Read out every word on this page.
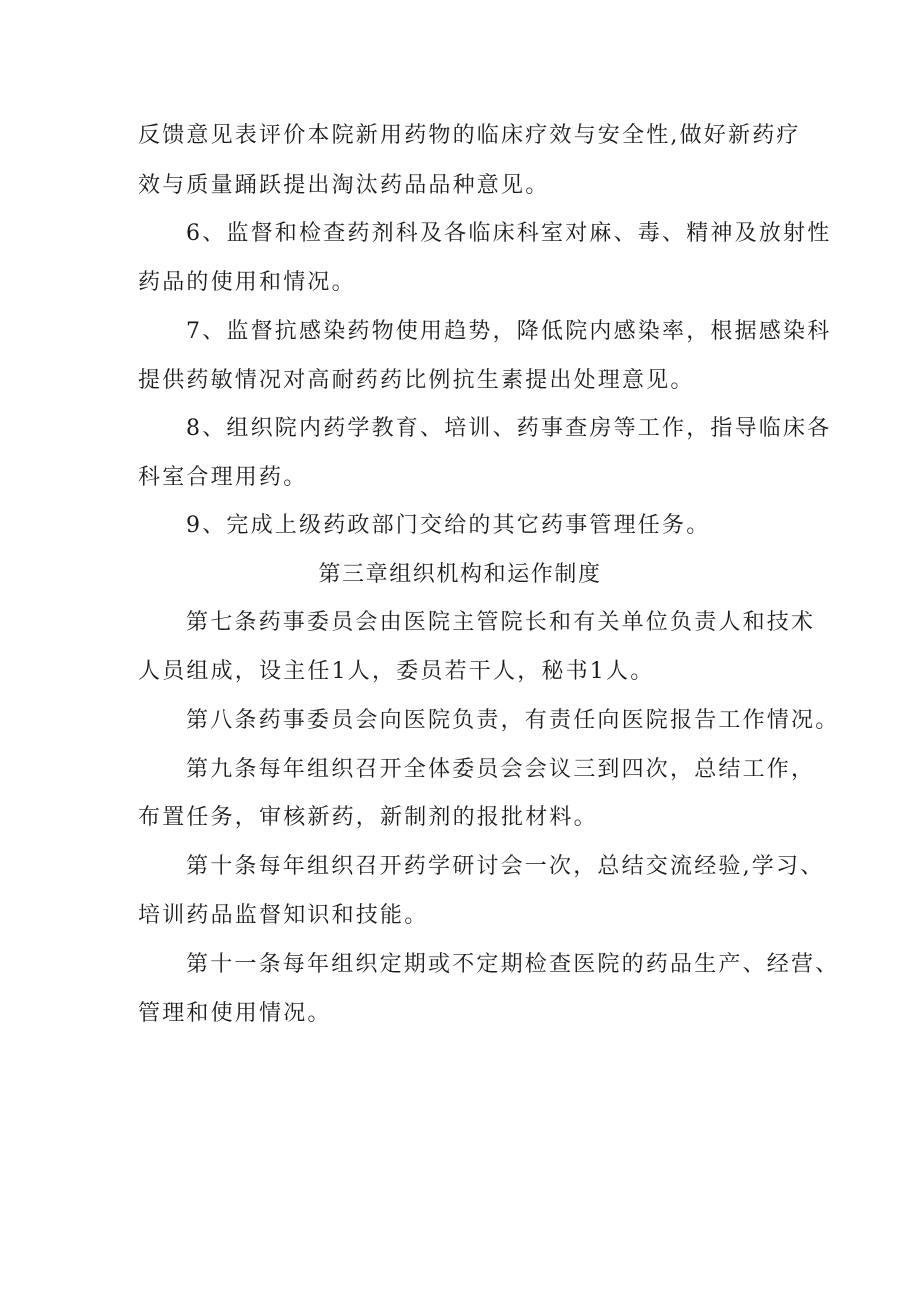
反馈意见表评价本院新用药物的临床疗效与安全性,做好新药疗
效与质量踊跃提出淘汰药品品种意见。
6、监督和检查药剂科及各临床科室对麻、毒、精神及放射性
药品的使用和情况。
7、监督抗感染药物使用趋势，降低院内感染率，根据感染科
提供药敏情况对高耐药药比例抗生素提出处理意见。
8、组织院内药学教育、培训、药事查房等工作，指导临床各
科室合理用药。
9、完成上级药政部门交给的其它药事管理任务。
第三章组织机构和运作制度
第七条药事委员会由医院主管院长和有关单位负责人和技术
人员组成，设主任1人，委员若干人，秘书1人。
第八条药事委员会向医院负责，有责任向医院报告工作情况。
第九条每年组织召开全体委员会会议三到四次，总结工作，
布置任务，审核新药，新制剂的报批材料。
第十条每年组织召开药学研讨会一次，总结交流经验,学习、
培训药品监督知识和技能。
第十一条每年组织定期或不定期检查医院的药品生产、经营、
管理和使用情况。
